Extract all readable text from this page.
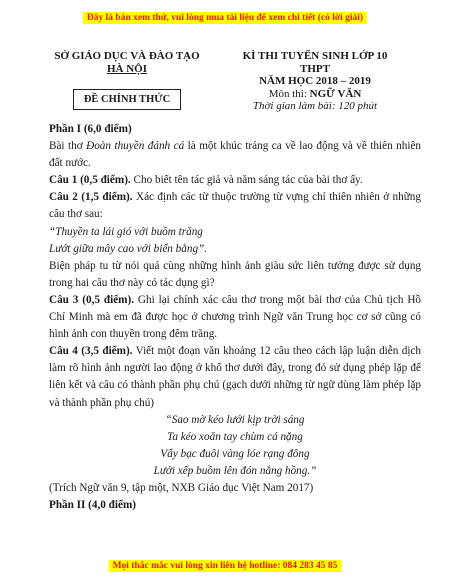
Đây là bản xem thử, vui lòng mua tài liệu để xem chi tiết (có lời giải)
SỞ GIÁO DỤC VÀ ĐÀO TẠO
HÀ NỘI
ĐỀ CHÍNH THỨC
KÌ THI TUYỂN SINH LỚP 10 THPT
NĂM HỌC 2018 – 2019
Môn thi: NGỮ VĂN
Thời gian làm bài: 120 phút

Phần I (6,0 điểm)

Bài thơ Đoàn thuyền đánh cá là một khúc tráng ca về lao động và về thiên nhiên đất nước.

Câu 1 (0,5 điểm). Cho biết tên tác giả và năm sáng tác của bài thơ ấy.

Câu 2 (1,5 điểm). Xác định các từ thuộc trường từ vựng chỉ thiên nhiên ở những câu thơ sau:

“Thuyền ta lái gió với buồm trăng

Lướt giữa mây cao với biển bằng”.

Biện pháp tu từ nói quá cùng những hình ảnh giàu sức liên tưởng được sử dụng trong hai câu thơ này có tác dụng gì?

Câu 3 (0,5 điểm). Ghi lại chính xác câu thơ trong một bài thơ của Chủ tịch Hồ Chí Minh mà em đã được học ở chương trình Ngữ văn Trung học cơ sở cũng có hình ảnh con thuyền trong đêm trăng.

Câu 4 (3,5 điểm). Viết một đoạn văn khoảng 12 câu theo cách lập luận diễn dịch làm rõ hình ảnh người lao động ở khổ thơ dưới đây, trong đó sử dụng phép lặp để liên kết và câu có thành phần phụ chú (gạch dưới những từ ngữ dùng làm phép lặp và thành phần phụ chú)

“Sao mờ kéo lưới kịp trời sáng

Ta kéo xoăn tay chùm cá nặng

Vẩy bạc đuôi vàng lóe rạng đông

Lưới xếp buồm lên đón nắng hồng.”

(Trích Ngữ văn 9, tập một, NXB Giáo dục Việt Nam 2017)

Phần II (4,0 điểm)

Mọi thắc mắc vui lòng xin liên hệ hotline: 084 283 45 85
